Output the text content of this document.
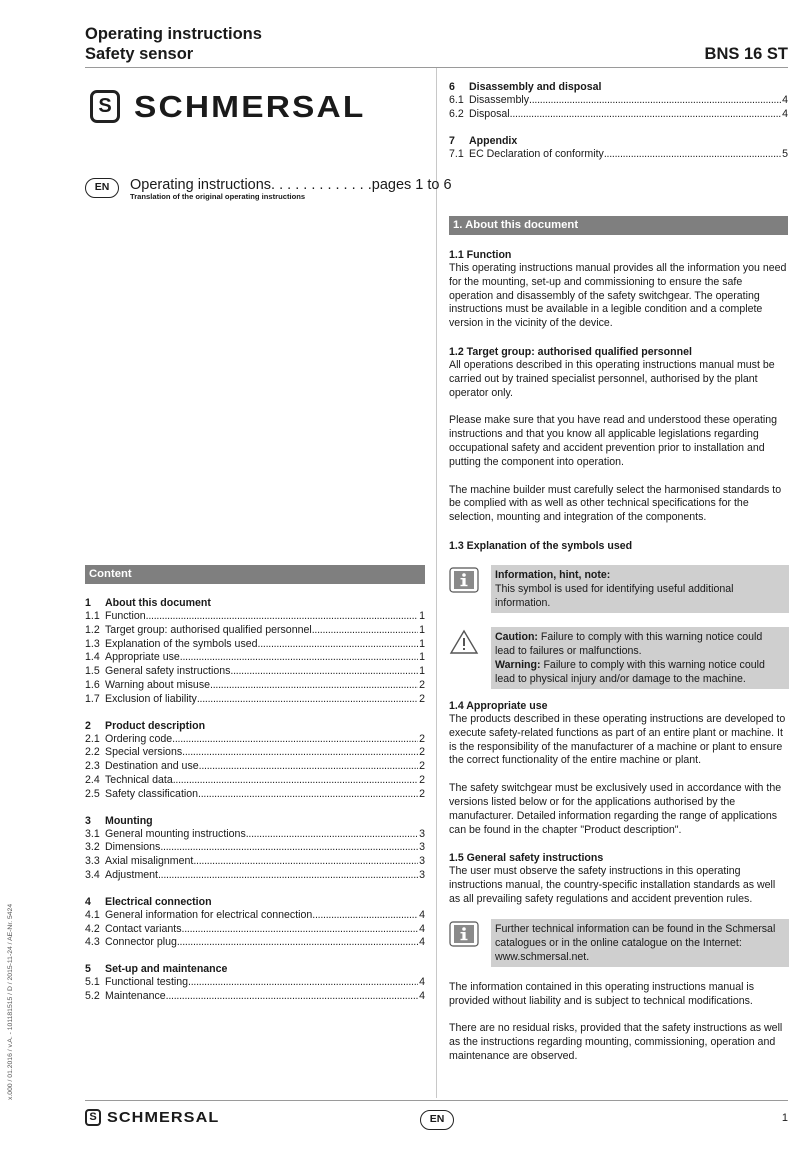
Operating instructions
Safety sensor	BNS 16 ST
S SCHMERSAL
EN	Operating instructions. . . . . . . . . . . . .pages 1 to 6
Translation of the original operating instructions
x.000 / 01.2016 / v.A. - 101181515 / D / 2015-11-24 / AE-Nr. 5424
Content
1	About this document
1.1 Function . . .	1
1.2 Target group: authorised qualified personnel . . .	1
1.3 Explanation of the symbols used . . .	1
1.4 Appropriate use . . .	1
1.5 General safety instructions . . .	1
1.6 Warning about misuse . . .	2
1.7 Exclusion of liability . . .	2
2	Product description
2.1 Ordering code . . .	2
2.2 Special versions . . .	2
2.3 Destination and use . . .	2
2.4 Technical data . . .	2
2.5 Safety classification . . .	2
3	Mounting
3.1 General mounting instructions . . .	3
3.2 Dimensions . . .	3
3.3 Axial misalignment . . .	3
3.4 Adjustment . . .	3
4	Electrical connection
4.1 General information for electrical connection . . .	4
4.2 Contact variants . . .	4
4.3 Connector plug . . .	4
5	Set-up and maintenance
5.1 Functional testing . . .	4
5.2 Maintenance . . .	4
6	Disassembly and disposal
6.1 Disassembly . . .	4
6.2 Disposal . . .	4
7	Appendix
7.1 EC Declaration of conformity . . .	5
1. About this document
1.1 Function
This operating instructions manual provides all the information you need for the mounting, set-up and commissioning to ensure the safe operation and disassembly of the safety switchgear. The operating instructions must be available in a legible condition and a complete version in the vicinity of the device.
1.2 Target group: authorised qualified personnel
All operations described in this operating instructions manual must be carried out by trained specialist personnel, authorised by the plant operator only.
Please make sure that you have read and understood these operating instructions and that you know all applicable legislations regarding occupational safety and accident prevention prior to installation and putting the component into operation.
The machine builder must carefully select the harmonised standards to be complied with as well as other technical specifications for the selection, mounting and integration of the components.
1.3 Explanation of the symbols used
Information, hint, note:
This symbol is used for identifying useful additional information.
Caution: Failure to comply with this warning notice could lead to failures or malfunctions.
Warning: Failure to comply with this warning notice could lead to physical injury and/or damage to the machine.
1.4 Appropriate use
The products described in these operating instructions are developed to execute safety-related functions as part of an entire plant or machine. It is the responsibility of the manufacturer of a machine or plant to ensure the correct functionality of the entire machine or plant.
The safety switchgear must be exclusively used in accordance with the versions listed below or for the applications authorised by the manufacturer. Detailed information regarding the range of applications can be found in the chapter "Product description".
1.5 General safety instructions
The user must observe the safety instructions in this operating instructions manual, the country-specific installation standards as well as all prevailing safety regulations and accident prevention rules.
Further technical information can be found in the Schmersal catalogues or in the online catalogue on the Internet: www.schmersal.net.
The information contained in this operating instructions manual is provided without liability and is subject to technical modifications.
There are no residual risks, provided that the safety instructions as well as the instructions regarding mounting, commissioning, operation and maintenance are observed.
S SCHMERSAL	EN	1
